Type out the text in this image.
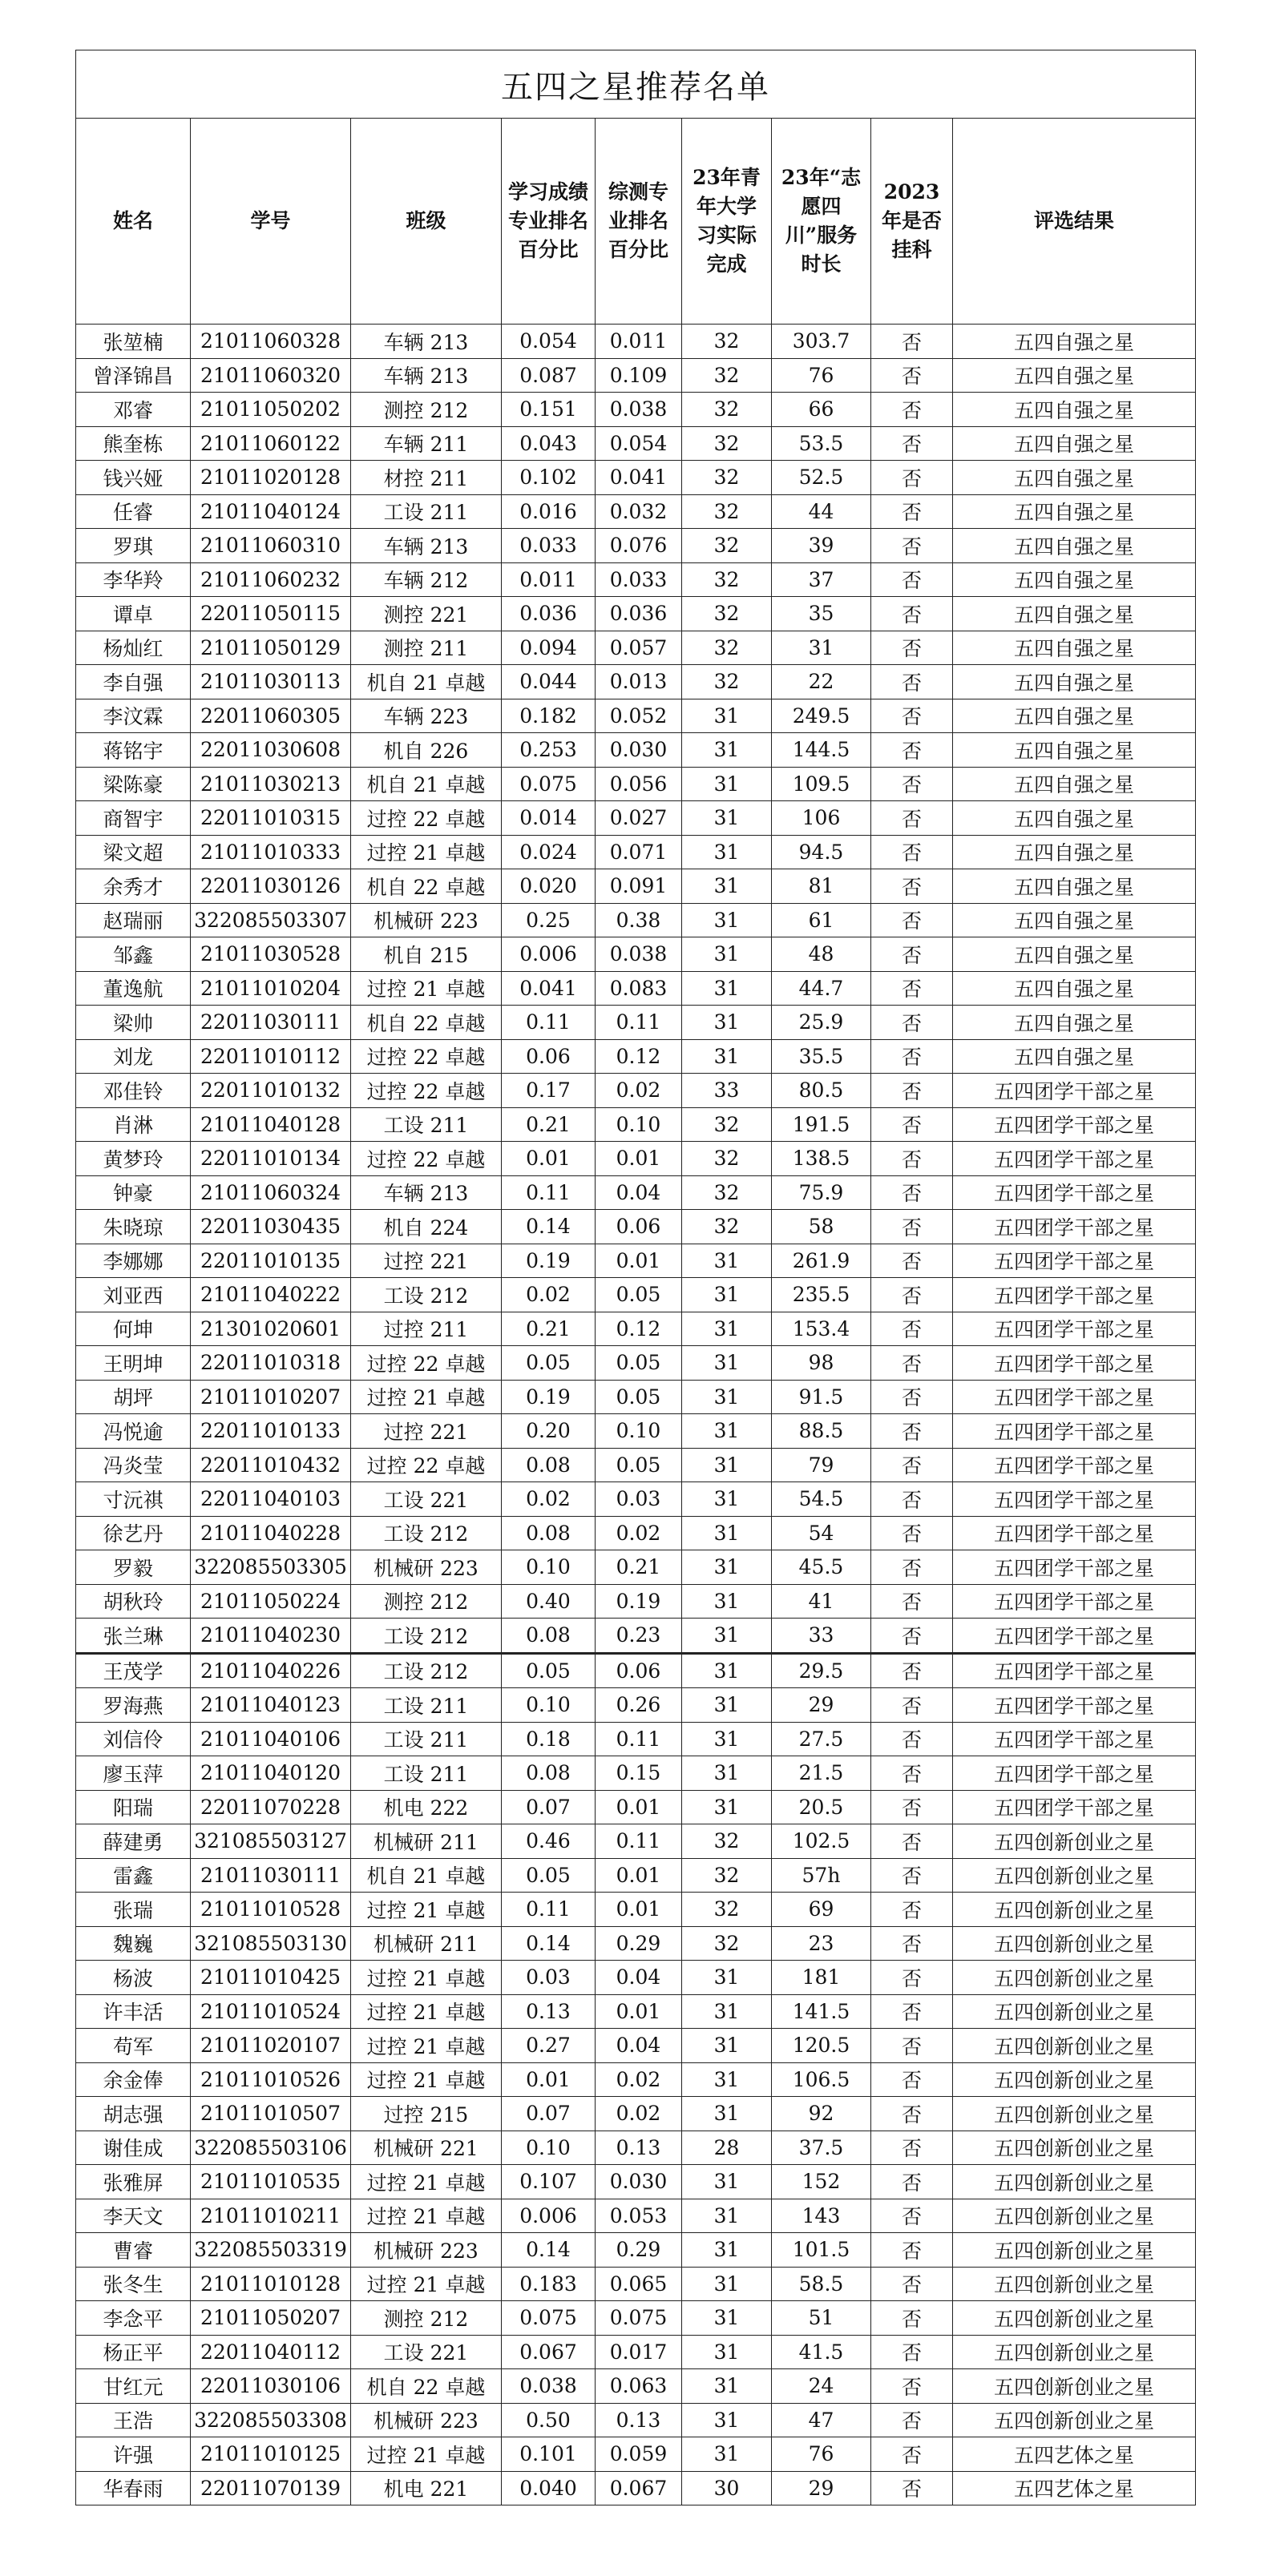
五四之星推荐名单								
姓名	学号	班级	学习成绩专业排名百分比	综测专业排名百分比	23年青年大学习实际完成	23年“志愿四川”服务时长	2023年是否挂科	评选结果
张堃楠	21011060328	车辆 213	0.054	0.011	32	303.7	否	五四自强之星
曾泽锦昌	21011060320	车辆 213	0.087	0.109	32	76	否	五四自强之星
邓睿	21011050202	测控 212	0.151	0.038	32	66	否	五四自强之星
熊奎栋	21011060122	车辆 211	0.043	0.054	32	53.5	否	五四自强之星
钱兴娅	21011020128	材控 211	0.102	0.041	32	52.5	否	五四自强之星
任睿	21011040124	工设 211	0.016	0.032	32	44	否	五四自强之星
罗琪	21011060310	车辆 213	0.033	0.076	32	39	否	五四自强之星
李华羚	21011060232	车辆 212	0.011	0.033	32	37	否	五四自强之星
谭卓	22011050115	测控 221	0.036	0.036	32	35	否	五四自强之星
杨灿红	21011050129	测控 211	0.094	0.057	32	31	否	五四自强之星
李自强	21011030113	机自 21 卓越	0.044	0.013	32	22	否	五四自强之星
李汶霖	22011060305	车辆 223	0.182	0.052	31	249.5	否	五四自强之星
蒋铭宇	22011030608	机自 226	0.253	0.030	31	144.5	否	五四自强之星
梁陈豪	21011030213	机自 21 卓越	0.075	0.056	31	109.5	否	五四自强之星
商智宇	22011010315	过控 22 卓越	0.014	0.027	31	106	否	五四自强之星
梁文超	21011010333	过控 21 卓越	0.024	0.071	31	94.5	否	五四自强之星
余秀才	22011030126	机自 22 卓越	0.020	0.091	31	81	否	五四自强之星
赵瑞丽	322085503307	机械研 223	0.25	0.38	31	61	否	五四自强之星
邹鑫	21011030528	机自 215	0.006	0.038	31	48	否	五四自强之星
董逸航	21011010204	过控 21 卓越	0.041	0.083	31	44.7	否	五四自强之星
梁帅	22011030111	机自 22 卓越	0.11	0.11	31	25.9	否	五四自强之星
刘龙	22011010112	过控 22 卓越	0.06	0.12	31	35.5	否	五四自强之星
邓佳铃	22011010132	过控 22 卓越	0.17	0.02	33	80.5	否	五四团学干部之星
肖淋	21011040128	工设 211	0.21	0.10	32	191.5	否	五四团学干部之星
黄梦玲	22011010134	过控 22 卓越	0.01	0.01	32	138.5	否	五四团学干部之星
钟豪	21011060324	车辆 213	0.11	0.04	32	75.9	否	五四团学干部之星
朱晓琼	22011030435	机自 224	0.14	0.06	32	58	否	五四团学干部之星
李娜娜	22011010135	过控 221	0.19	0.01	31	261.9	否	五四团学干部之星
刘亚西	21011040222	工设 212	0.02	0.05	31	235.5	否	五四团学干部之星
何坤	21301020601	过控 211	0.21	0.12	31	153.4	否	五四团学干部之星
王明坤	22011010318	过控 22 卓越	0.05	0.05	31	98	否	五四团学干部之星
胡坪	21011010207	过控 21 卓越	0.19	0.05	31	91.5	否	五四团学干部之星
冯悦逾	22011010133	过控 221	0.20	0.10	31	88.5	否	五四团学干部之星
冯炎莹	22011010432	过控 22 卓越	0.08	0.05	31	79	否	五四团学干部之星
寸沅祺	22011040103	工设 221	0.02	0.03	31	54.5	否	五四团学干部之星
徐艺丹	21011040228	工设 212	0.08	0.02	31	54	否	五四团学干部之星
罗毅	322085503305	机械研 223	0.10	0.21	31	45.5	否	五四团学干部之星
胡秋玲	21011050224	测控 212	0.40	0.19	31	41	否	五四团学干部之星
张兰琳	21011040230	工设 212	0.08	0.23	31	33	否	五四团学干部之星
王茂学	21011040226	工设 212	0.05	0.06	31	29.5	否	五四团学干部之星
罗海燕	21011040123	工设 211	0.10	0.26	31	29	否	五四团学干部之星
刘信伶	21011040106	工设 211	0.18	0.11	31	27.5	否	五四团学干部之星
廖玉萍	21011040120	工设 211	0.08	0.15	31	21.5	否	五四团学干部之星
阳瑞	22011070228	机电 222	0.07	0.01	31	20.5	否	五四团学干部之星
薛建勇	321085503127	机械研 211	0.46	0.11	32	102.5	否	五四创新创业之星
雷鑫	21011030111	机自 21 卓越	0.05	0.01	32	57h	否	五四创新创业之星
张瑞	21011010528	过控 21 卓越	0.11	0.01	32	69	否	五四创新创业之星
魏巍	321085503130	机械研 211	0.14	0.29	32	23	否	五四创新创业之星
杨波	21011010425	过控 21 卓越	0.03	0.04	31	181	否	五四创新创业之星
许丰活	21011010524	过控 21 卓越	0.13	0.01	31	141.5	否	五四创新创业之星
苟军	21011020107	过控 21 卓越	0.27	0.04	31	120.5	否	五四创新创业之星
余金俸	21011010526	过控 21 卓越	0.01	0.02	31	106.5	否	五四创新创业之星
胡志强	21011010507	过控 215	0.07	0.02	31	92	否	五四创新创业之星
谢佳成	322085503106	机械研 221	0.10	0.13	28	37.5	否	五四创新创业之星
张雅屏	21011010535	过控 21 卓越	0.107	0.030	31	152	否	五四创新创业之星
李天文	21011010211	过控 21 卓越	0.006	0.053	31	143	否	五四创新创业之星
曹睿	322085503319	机械研 223	0.14	0.29	31	101.5	否	五四创新创业之星
张冬生	21011010128	过控 21 卓越	0.183	0.065	31	58.5	否	五四创新创业之星
李念平	21011050207	测控 212	0.075	0.075	31	51	否	五四创新创业之星
杨正平	22011040112	工设 221	0.067	0.017	31	41.5	否	五四创新创业之星
甘红元	22011030106	机自 22 卓越	0.038	0.063	31	24	否	五四创新创业之星
王浩	322085503308	机械研 223	0.50	0.13	31	47	否	五四创新创业之星
许强	21011010125	过控 21 卓越	0.101	0.059	31	76	否	五四艺体之星
华春雨	22011070139	机电 221	0.040	0.067	30	29	否	五四艺体之星
